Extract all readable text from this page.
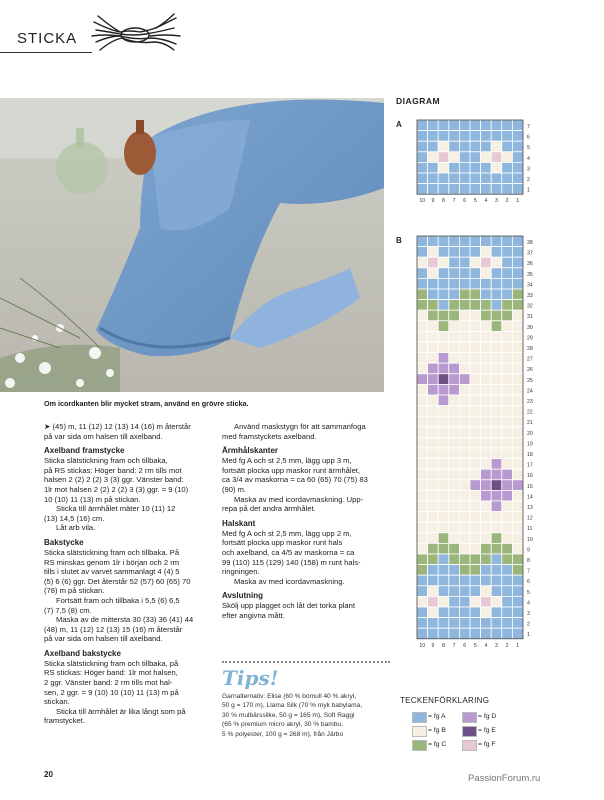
STICKA
Om icordkanten blir mycket stram, använd en grövre sticka.

➤ (45) m, 11 (12) 12 (13) 14 (16) m återstår

på var sida om halsen till axelband.

Axelband framstycke

Sticka slätstickning fram och tillbaka,

på RS stickas: Höger band: 2 rm tills mot

halsen 2 (2) 2 (2) 3 (3) ggr. Vänster band:

1lr mot halsen 2 (2) 2 (2) 3 (3) ggr. = 9 (10)

10 (10) 11 (13) m på stickan.

Sticka till ärmhålet mäter 10 (11) 12

(13) 14,5 (16) cm.

Låt arb vila.

Bakstycke

Sticka slätstickning fram och tillbaka. På

RS minskas genom 1lr i början och 2 rm

tills i slutet av varvet sammanlagt 4 (4) 5

(5) 6 (6) ggr. Det återstår 52 (57) 60 (65) 70

(78) m på stickan.

Fortsätt fram och tillbaka i 5,5 (6) 6,5

(7) 7,5 (8) cm.

Maska av de mittersta 30 (33) 36 (41) 44

(48) m, 11 (12) 12 (13) 15 (16) m återstår

på var sida om halsen till axelband.

Axelband bakstycke

Sticka slätstickning fram och tillbaka, på

RS stickas: Höger band: 1lr mot halsen,

2 ggr. Vänster band: 2 rm tills mot hal-

sen, 2 ggr. = 9 (10) 10 (10) 11 (13) m på

stickan.

Sticka till ärmhålet är lika långt som på

framstycket.

Använd maskstygn för att sammanfoga

med framstyckets axelband.

Ärmhålskanter

Med fg A och st 2,5 mm, lägg upp 3 m,

fortsätt plocka upp maskor runt ärmhålet,

ca 3/4 av maskorna = ca 60 (65) 70 (75) 83

(90) m.

Maska av med icordavmaskning. Upp-

repa på det andra ärmhålet.

Halskant

Med fg A och st 2,5 mm, lägg upp 2 m,

fortsätt plocka upp maskor runt hals

och axelband, ca 4/5 av maskorna = ca

99 (110) 115 (129) 140 (158) m runt hals-

ringningen.

Maska av med icordavmaskning.

Avslutning

Skölj upp plagget och låt det torka plant

efter angivna mått.

Tips!
Garnalternativ: Elise (60 % bomull 40 % akryl,
50 g = 170 m), Llama Silk (70 % myk babylama,
30 % mulbärssilke, 50 g = 165 m), Soft Raggi
(65 % premium micro akryl, 30 % bambu,
5 % polyester, 100 g = 268 m), från Järbo
20	PassionForum.ru
DIAGRAM
A
B
7
6
5
4
3
2
1
10 9 8 7 6 5 4 3 2 1
38
37
36
35
34
33
32
31
30
29
28
27
26
25
24
23
22
21
20
19
18
17
16
15
14
13
12
11
10
9
8
7
6
5
4
3
2
1
10 9 8 7 6 5 4 3 2 1
TECKENFÖRKLARING
= fg A	= fg D
= fg B	= fg E
= fg C	= fg F
